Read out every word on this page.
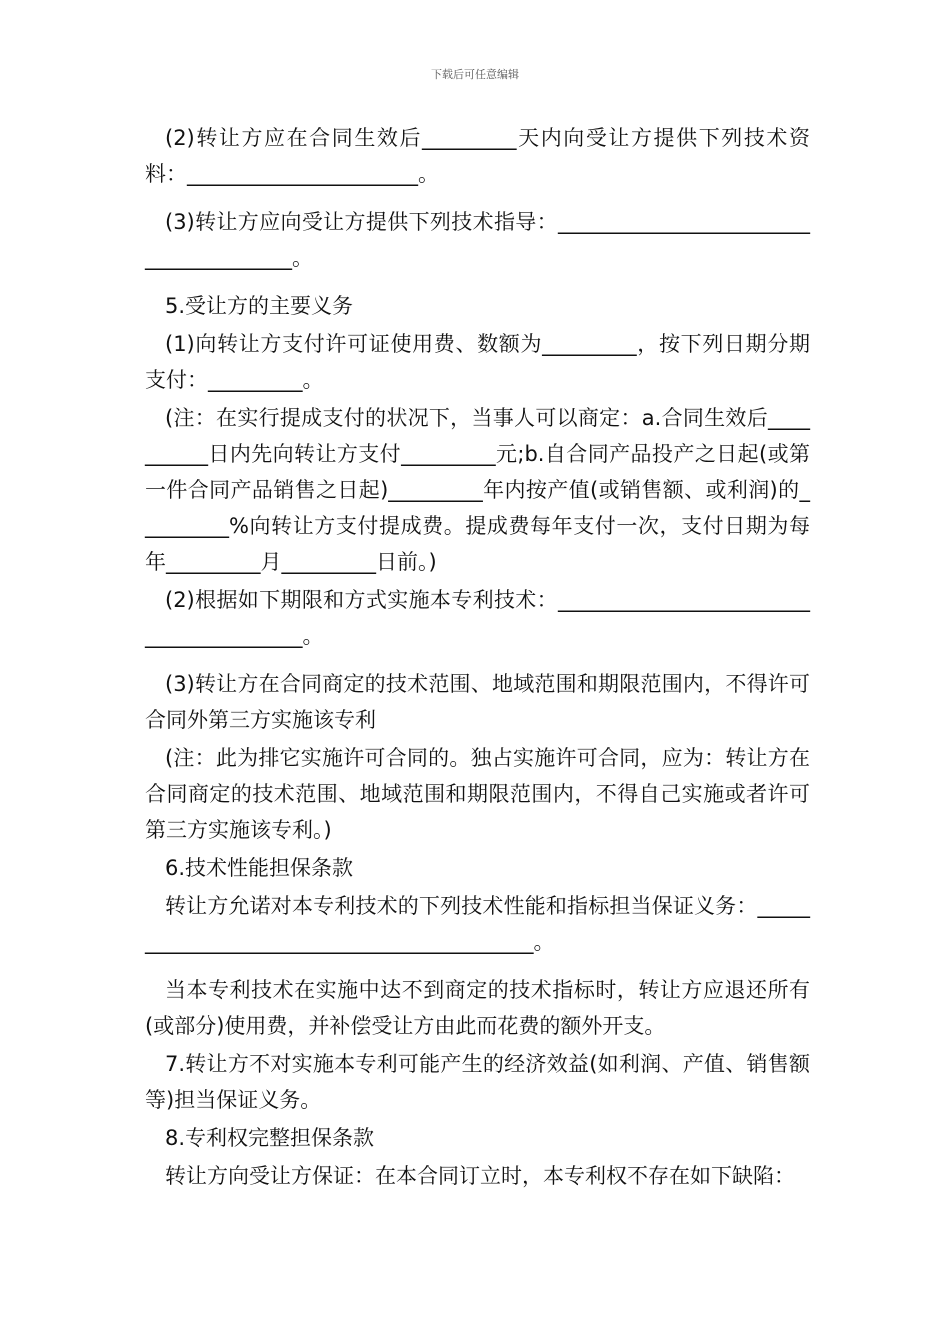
下载后可任意编辑

(2)转让方应在合同生效后_________天内向受让方提供下列技术资料：______________________。

(3)转让方应向受让方提供下列技术指导：______________________________________。

5.受让方的主要义务

(1)向转让方支付许可证使用费、数额为_________，按下列日期分期支付：_________。

(注：在实行提成支付的状况下，当事人可以商定：a.合同生效后__________日内先向转让方支付_________元;b.自合同产品投产之日起(或第一件合同产品销售之日起)_________年内按产值(或销售额、或利润)的_________%向转让方支付提成费。提成费每年支付一次，支付日期为每年_________月_________日前。)

(2)根据如下期限和方式实施本专利技术：_______________________________________。

(3)转让方在合同商定的技术范围、地域范围和期限范围内，不得许可合同外第三方实施该专利

(注：此为排它实施许可合同的。独占实施许可合同，应为：转让方在合同商定的技术范围、地域范围和期限范围内，不得自己实施或者许可第三方实施该专利。)

6.技术性能担保条款

转让方允诺对本专利技术的下列技术性能和指标担当保证义务：__________________________________________。

当本专利技术在实施中达不到商定的技术指标时，转让方应退还所有(或部分)使用费，并补偿受让方由此而花费的额外开支。

7.转让方不对实施本专利可能产生的经济效益(如利润、产值、销售额等)担当保证义务。

8.专利权完整担保条款

转让方向受让方保证：在本合同订立时，本专利权不存在如下缺陷：
